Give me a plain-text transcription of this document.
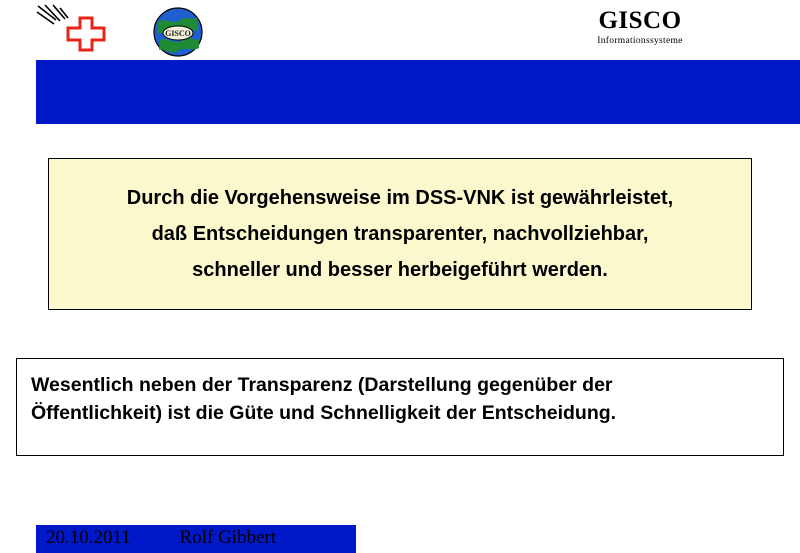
GISCO	GISCO
Informationssysteme
Durch die Vorgehensweise im DSS-VNK ist gewährleistet,
daß Entscheidungen transparenter, nachvollziehbar,
schneller und besser herbeigeführt werden.
Wesentlich neben der Transparenz (Darstellung gegenüber der
Öffentlichkeit) ist die Güte und Schnelligkeit der Entscheidung.
20.10.2011	Rolf Gibbert
